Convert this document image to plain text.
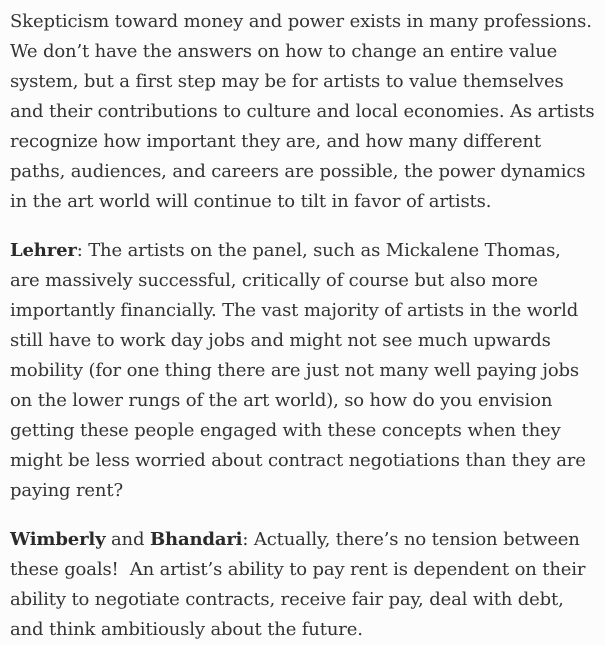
Skepticism toward money and power exists in many professions. We don’t have the answers on how to change an entire value system, but a first step may be for artists to value themselves and their contributions to culture and local economies. As artists recognize how important they are, and how many different paths, audiences, and careers are possible, the power dynamics in the art world will continue to tilt in favor of artists.

Lehrer: The artists on the panel, such as Mickalene Thomas, are massively successful, critically of course but also more importantly financially. The vast majority of artists in the world still have to work day jobs and might not see much upwards mobility (for one thing there are just not many well paying jobs on the lower rungs of the art world), so how do you envision getting these people engaged with these concepts when they might be less worried about contract negotiations than they are paying rent?

Wimberly and Bhandari: Actually, there’s no tension between these goals!  An artist’s ability to pay rent is dependent on their ability to negotiate contracts, receive fair pay, deal with debt, and think ambitiously about the future.
